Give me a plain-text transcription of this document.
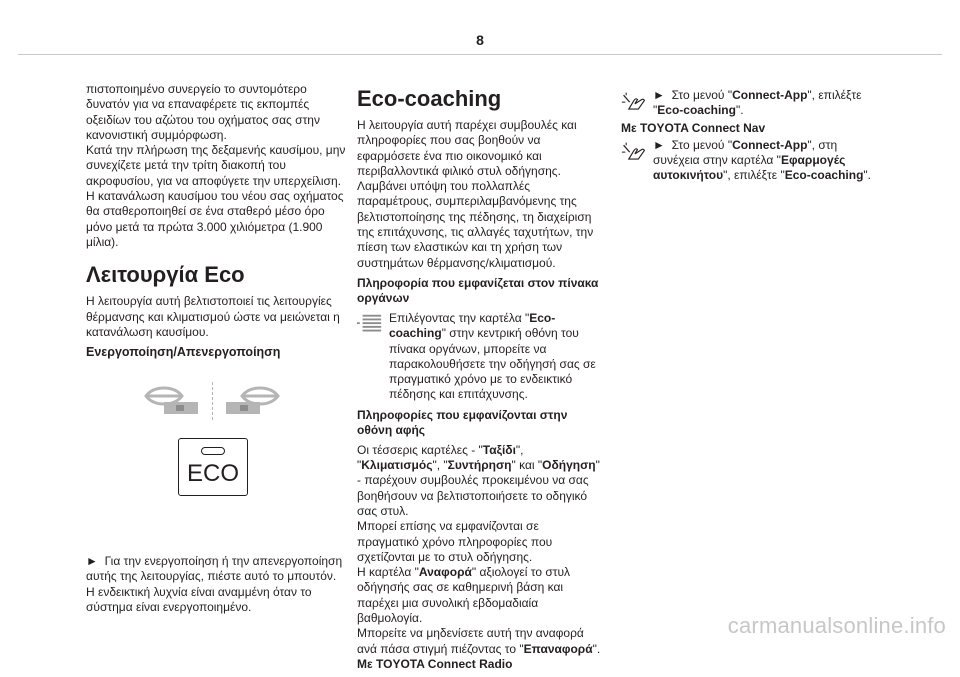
8

πιστοποιημένο συνεργείο το συντομότερο δυνατόν για να επαναφέρετε τις εκπομπές οξειδίων του αζώτου του οχήματος σας στην κανονιστική συμμόρφωση.

Κατά την πλήρωση της δεξαμενής καυσίμου, μην συνεχίζετε μετά την τρίτη διακοπή του ακροφυσίου, για να αποφύγετε την υπερχείλιση.

Η κατανάλωση καυσίμου του νέου σας οχήματος θα σταθεροποιηθεί σε ένα σταθερό μέσο όρο μόνο μετά τα πρώτα 3.000 χιλιόμετρα (1.900 μίλια).

Λειτουργία Eco

Η λειτουργία αυτή βελτιστοποιεί τις λειτουργίες θέρμανσης και κλιματισμού ώστε να μειώνεται η κατανάλωση καυσίμου.

Ενεργοποίηση/Απενεργοποίηση
ECO

► Για την ενεργοποίηση ή την απενεργοποίηση αυτής της λειτουργίας, πιέστε αυτό το μπουτόν.

Η ενδεικτική λυχνία είναι αναμμένη όταν το σύστημα είναι ενεργοποιημένο.

Eco-coaching

Η λειτουργία αυτή παρέχει συμβουλές και πληροφορίες που σας βοηθούν να εφαρμόσετε ένα πιο οικονομικό και περιβαλλοντικά φιλικό στυλ οδήγησης.

Λαμβάνει υπόψη του πολλαπλές παραμέτρους, συμπεριλαμβανόμενης της βελτιστοποίησης της πέδησης, τη διαχείριση της επιτάχυνσης, τις αλλαγές ταχυτήτων, την πίεση των ελαστικών και τη χρήση των συστημάτων θέρμανσης/κλιματισμού.

Πληροφορία που εμφανίζεται στον πίνακα οργάνων

Επιλέγοντας την καρτέλα "Eco-coaching" στην κεντρική οθόνη του πίνακα οργάνων, μπορείτε να παρακολουθήσετε την οδήγησή σας σε πραγματικό χρόνο με το ενδεικτικό πέδησης και επιτάχυνσης.

Πληροφορίες που εμφανίζονται στην οθόνη αφής

Οι τέσσερις καρτέλες - "Ταξίδι", "Κλιματισμός", "Συντήρηση" και "Οδήγηση" - παρέχουν συμβουλές προκειμένου να σας βοηθήσουν να βελτιστοποιήσετε το οδηγικό σας στυλ.

Μπορεί επίσης να εμφανίζονται σε πραγματικό χρόνο πληροφορίες που σχετίζονται με το στυλ οδήγησης.

Η καρτέλα "Αναφορά" αξιολογεί το στυλ οδήγησής σας σε καθημερινή βάση και παρέχει μια συνολική εβδομαδιαία βαθμολογία.

Μπορείτε να μηδενίσετε αυτή την αναφορά ανά πάσα στιγμή πιέζοντας το "Επαναφορά".

Με TOYOTA Connect Radio

► Στο μενού "Connect-App", επιλέξτε "Eco-coaching".

Με TOYOTA Connect Nav

► Στο μενού "Connect-App", στη συνέχεια στην καρτέλα "Εφαρμογές αυτοκινήτου", επιλέξτε "Eco-coaching".

carmanualsonline.info
